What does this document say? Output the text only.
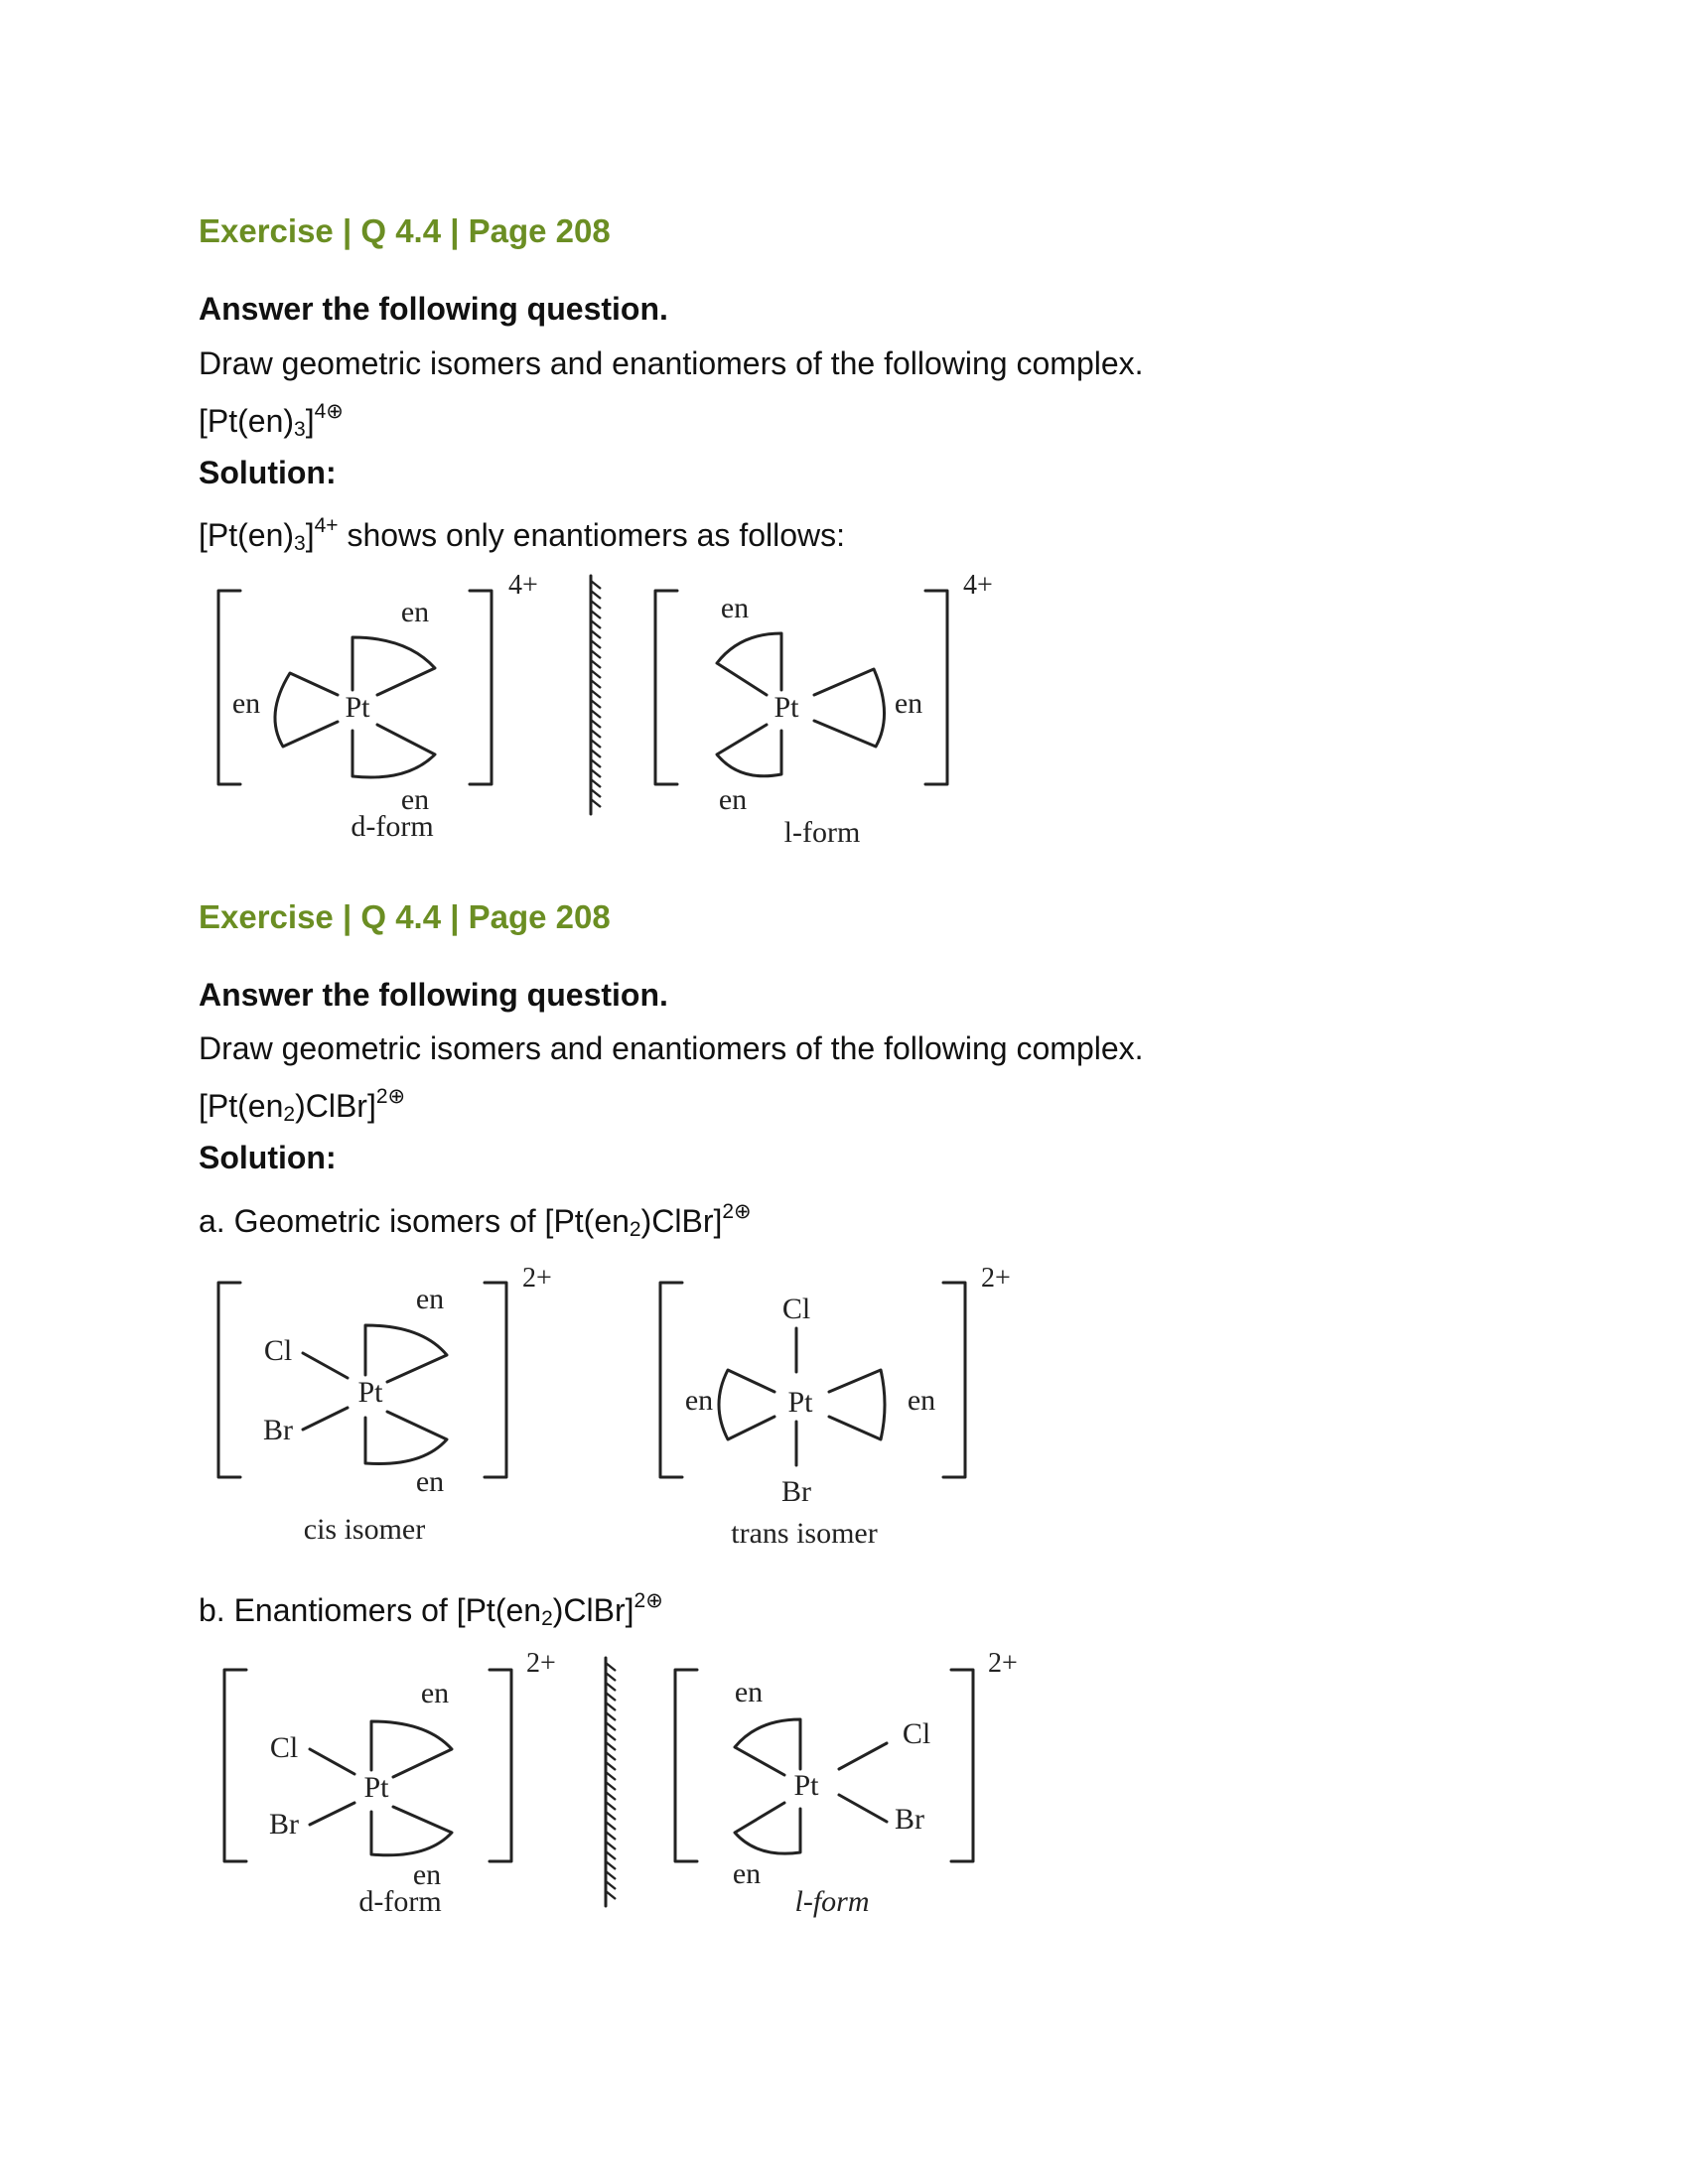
Exercise | Q 4.4 | Page 208
Answer the following question.
Draw geometric isomers and enantiomers of the following complex.
$[Pt(en)_3]^{4\oplus}$
Solution:
$[Pt(en)_3]^{4+}$ shows only enantiomers as follows:
4+
en
en
en
Pt
d-form
4+
en
en
en
Pt
l-form
Exercise | Q 4.4 | Page 208
Answer the following question.
Draw geometric isomers and enantiomers of the following complex.
$[Pt(en_2)ClBr]^{2\oplus}$
Solution:
a. Geometric isomers of $[Pt(en_2)ClBr]^{2\oplus}$
2+
en
en
Cl
Br
Pt
cis isomer
2+
Cl
Br
en	en
Pt
trans isomer
b. Enantiomers of $[Pt(en_2)ClBr]^{2\oplus}$
2+
en
en
Cl
Br
Pt
d-form
2+
en
en
Cl
Br
Pt
l-form
